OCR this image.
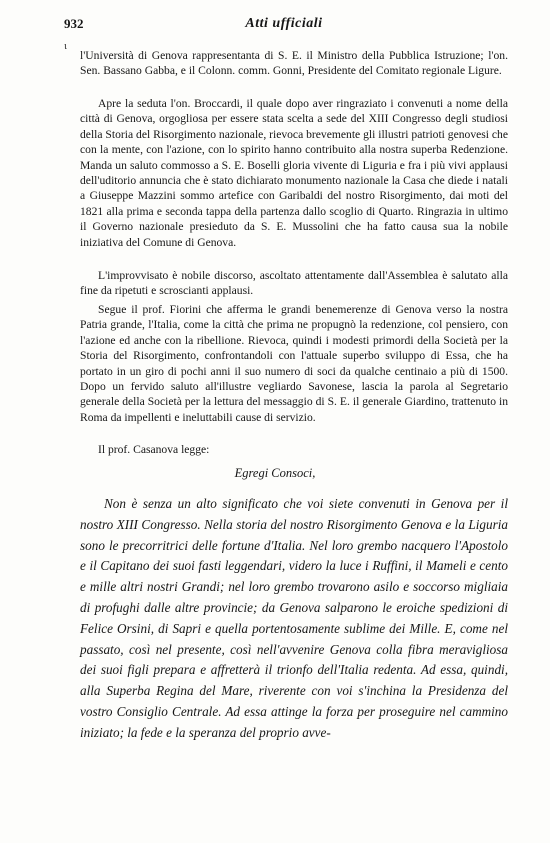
932	Atti ufficiali
ι

l'Università di Genova rappresentanta di S. E. il Ministro della Pubblica Istruzione; l'on. Sen. Bassano Gabba, e il Colonn. comm. Gonni, Presidente del Comitato regionale Ligure.

Apre la seduta l'on. Broccardi, il quale dopo aver ringraziato i convenuti a nome della città di Genova, orgogliosa per essere stata scelta a sede del XIII Congresso degli studiosi della Storia del Risorgimento nazionale, rievoca brevemente gli illustri patrioti genovesi che con la mente, con l'azione, con lo spirito hanno contribuito alla nostra superba Redenzione. Manda un saluto commosso a S. E. Boselli gloria vivente di Liguria e fra i più vivi applausi dell'uditorio annuncia che è stato dichiarato monumento nazionale la Casa che diede i natali a Giuseppe Mazzini sommo artefice con Garibaldi del nostro Risorgimento, dai moti del 1821 alla prima e seconda tappa della partenza dallo scoglio di Quarto. Ringrazia in ultimo il Governo nazionale presieduto da S. E. Mussolini che ha fatto causa sua la nobile iniziativa del Comune di Genova.

L'improvvisato è nobile discorso, ascoltato attentamente dall'Assemblea è salutato alla fine da ripetuti e scroscianti applausi.

Segue il prof. Fiorini che afferma le grandi benemerenze di Genova verso la nostra Patria grande, l'Italia, come la città che prima ne propugnò la redenzione, col pensiero, con l'azione ed anche con la ribellione. Rievoca, quindi i modesti primordi della Società per la Storia del Risorgimento, confrontandoli con l'attuale superbo sviluppo di Essa, che ha portato in un giro di pochi anni il suo numero di soci da qualche centinaio a più di 1500. Dopo un fervido saluto all'illustre vegliardo Savonese, lascia la parola al Segretario generale della Società per la lettura del messaggio di S. E. il generale Giardino, trattenuto in Roma da impellenti e ineluttabili cause di servizio.

Il prof. Casanova legge:

Egregi Consoci,

Non è senza un alto significato che voi siete convenuti in Genova per il nostro XIII Congresso. Nella storia del nostro Risorgimento Genova e la Liguria sono le precorritrici delle fortune d'Italia. Nel loro grembo nacquero l'Apostolo e il Capitano dei suoi fasti leggendari, videro la luce i Ruffini, il Mameli e cento e mille altri nostri Grandi; nel loro grembo trovarono asilo e soccorso migliaia di profughi dalle altre provincie; da Genova salparono le eroiche spedizioni di Felice Orsini, di Sapri e quella portentosamente sublime dei Mille. E, come nel passato, così nel presente, così nell'avvenire Genova colla fibra meravigliosa dei suoi figli prepara e affretterà il trionfo dell'Italia redenta. Ad essa, quindi, alla Superba Regina del Mare, riverente con voi s'inchina la Presidenza del vostro Consiglio Centrale. Ad essa attinge la forza per proseguire nel cammino iniziato; la fede e la speranza del proprio avve-
